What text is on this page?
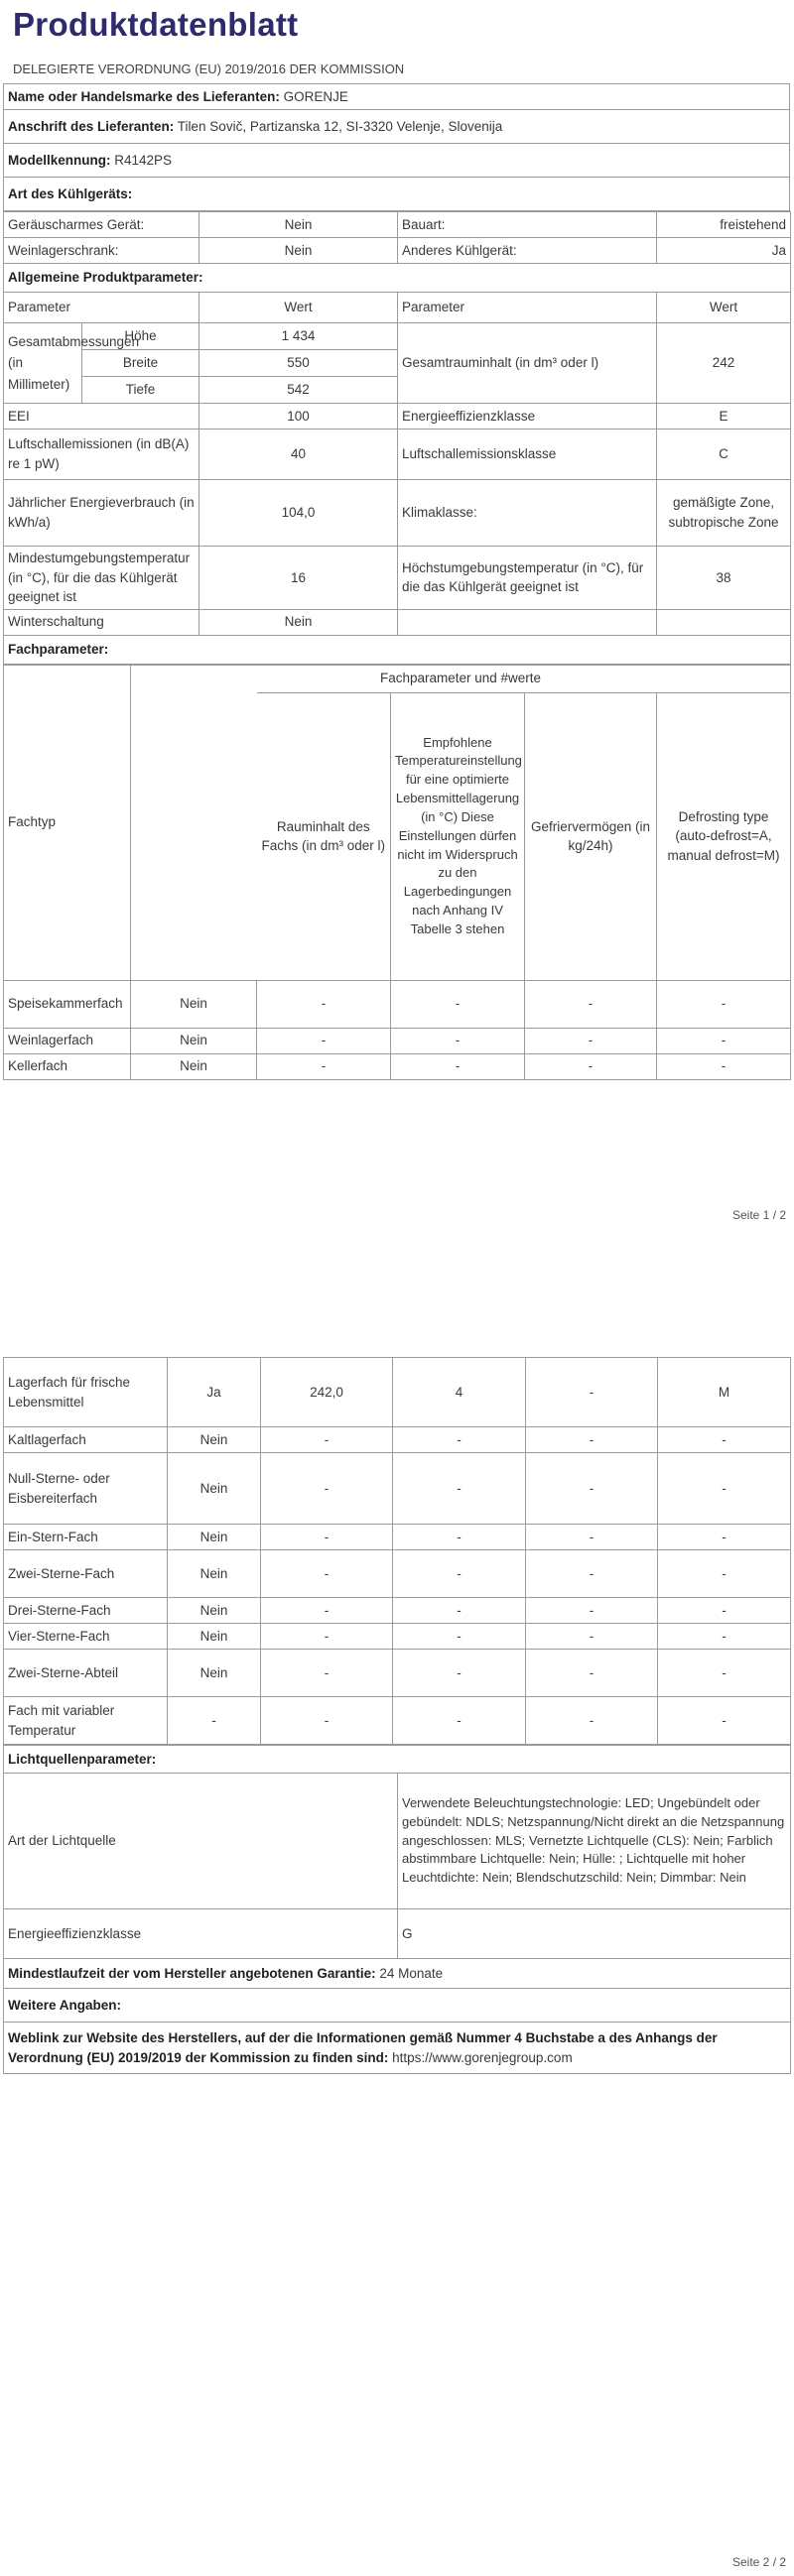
Produktdatenblatt
DELEGIERTE VERORDNUNG (EU) 2019/2016 DER KOMMISSION
Name oder Handelsmarke des Lieferanten: GORENJE
Anschrift des Lieferanten: Tilen Sovič, Partizanska 12, SI-3320 Velenje, Slovenija
Modellkennung: R4142PS
Art des Kühlgeräts:
Geräuscharmes Gerät:		Nein	Bauart:	freistehend
Weinlagerschrank:		Nein	Anderes Kühlgerät:	Ja
Allgemeine Produktparameter:				
Parameter		Wert	Parameter	Wert
Gesamtabmessungen (in Millimeter)	Höhe	1 434	Gesamtrauminhalt (in dm³ oder l)	242
	Breite	550		
	Tiefe	542		
EEI		100	Energieeffizienzklasse	E
Luftschallemissionen (in dB(A) re 1 pW)		40	Luftschallemissionsklasse	C
Jährlicher Energieverbrauch (in kWh/a)		104,0	Klimaklasse:	gemäßigte Zone, subtropische Zone
Mindestumgebungstemperatur (in °C), für die das Kühlgerät geeignet ist		16	Höchstumgebungstemperatur (in °C), für die das Kühlgerät geeignet ist	38
Winterschaltung		Nein		
Fachparameter:				
Fachtyp	Fachparameter und #werte				
		Rauminhalt des Fachs (in dm³ oder l)	Empfohlene Temperatureinstellung für eine optimierte Lebensmittellagerung (in °C) Diese Einstellungen dürfen nicht im Widerspruch zu den Lagerbedingungen nach Anhang IV Tabelle 3 stehen	Gefriervermögen (in kg/24h)	Defrosting type (auto-defrost=A, manual defrost=M)
Speisekammerfach	Nein	-	-	-	-
Weinlagerfach	Nein	-	-	-	-
Kellerfach	Nein	-	-	-	-
Seite 1 / 2
Lagerfach für frische Lebensmittel	Ja	242,0	4	-	M
Kaltlagerfach	Nein	-	-	-	-
Null-Sterne- oder Eisbereiterfach	Nein	-	-	-	-
Ein-Stern-Fach	Nein	-	-	-	-
Zwei-Sterne-Fach	Nein	-	-	-	-
Drei-Sterne-Fach	Nein	-	-	-	-
Vier-Sterne-Fach	Nein	-	-	-	-
Zwei-Sterne-Abteil	Nein	-	-	-	-
Fach mit variabler Temperatur	-	-	-	-	-
Lichtquellenparameter:	
Art der Lichtquelle	Verwendete Beleuchtungstechnologie: LED; Ungebündelt oder gebündelt: NDLS; Netzspannung/Nicht direkt an die Netzspannung angeschlossen: MLS; Vernetzte Lichtquelle (CLS): Nein; Farblich abstimmbare Lichtquelle: Nein; Hülle: ; Lichtquelle mit hoher Leuchtdichte: Nein; Blendschutzschild: Nein; Dimmbar: Nein
Energieeffizienzklasse	G
Mindestlaufzeit der vom Hersteller angebotenen Garantie: 24 Monate	
Weitere Angaben:	
Weblink zur Website des Herstellers, auf der die Informationen gemäß Nummer 4 Buchstabe a des Anhangs der Verordnung (EU) 2019/2019 der Kommission zu finden sind: https://www.gorenjegroup.com	
Seite 2 / 2
